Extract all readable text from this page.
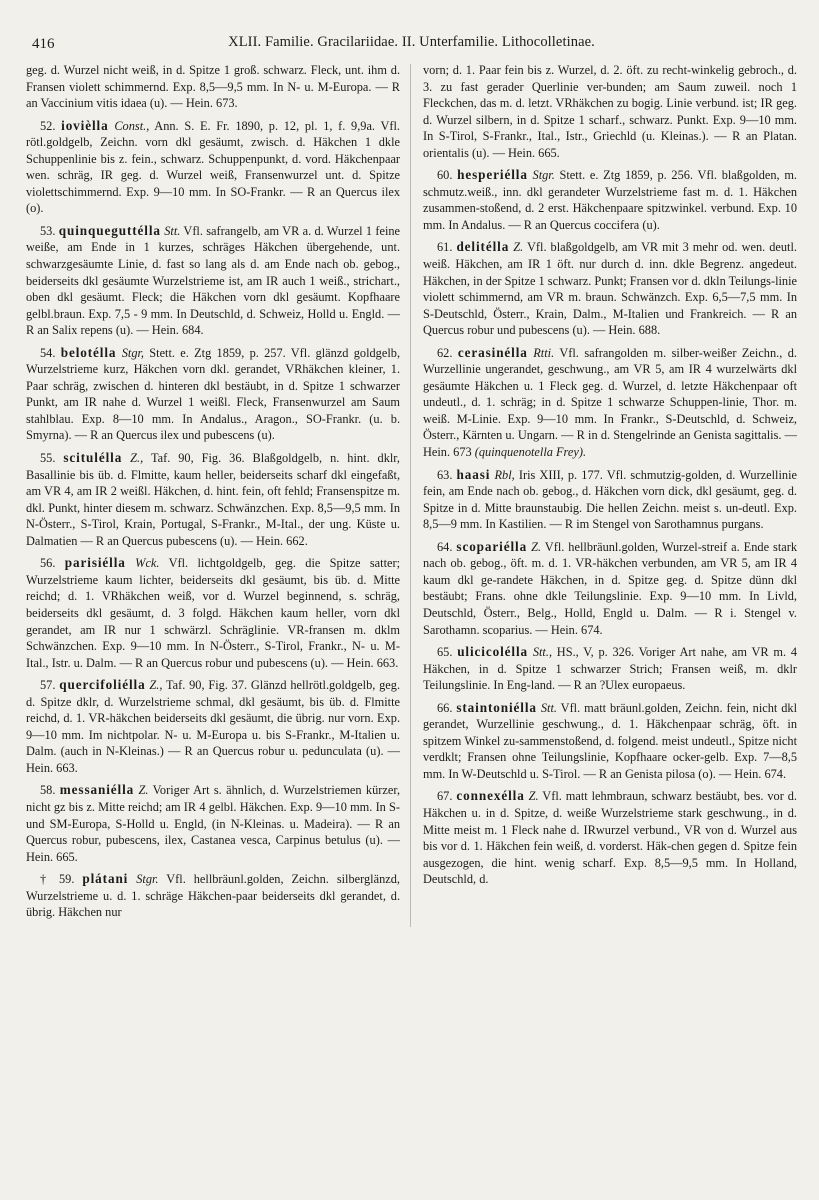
416	XLII. Familie. Gracilariidae. II. Unterfamilie. Lithocolletinae.

geg. d. Wurzel nicht weiß, in d. Spitze 1 groß. schwarz. Fleck, unt. ihm d. Fransen violett schimmernd. Exp. 8,5—9,5 mm. In N- u. M-Europa. — R an Vaccinium vitis idaea (u). — Hein. 673.

52. iovièlla Const., Ann. S. E. Fr. 1890, p. 12, pl. 1, f. 9,9a. Vfl. rötl.goldgelb, Zeichn. vorn dkl gesäumt, zwisch. d. Häkchen 1 dkle Schuppenlinie bis z. fein., schwarz. Schuppenpunkt, d. vord. Häkchenpaar wen. schräg, IR geg. d. Wurzel weiß, Fransenwurzel unt. d. Spitze violettschimmernd. Exp. 9—10 mm. In SO-Frankr. — R an Quercus ilex (o).

53. quinqueguttélla Stt. Vfl. safrangelb, am VR a. d. Wurzel 1 feine weiße, am Ende in 1 kurzes, schräges Häkchen übergehende, unt. schwarzgesäumte Linie, d. fast so lang als d. am Ende nach ob. gebog., beiderseits dkl gesäumte Wurzelstrieme ist, am IR auch 1 weiß., strichart., oben dkl gesäumt. Fleck; die Häkchen vorn dkl gesäumt. Kopfhaare gelbl.braun. Exp. 7,5 - 9 mm. In Deutschld, d. Schweiz, Holld u. Engld. — R an Salix repens (u). — Hein. 684.

54. belotélla Stgr, Stett. e. Ztg 1859, p. 257. Vfl. glänzd goldgelb, Wurzelstrieme kurz, Häkchen vorn dkl. gerandet, VRhäkchen kleiner, 1. Paar schräg, zwischen d. hinteren dkl bestäubt, in d. Spitze 1 schwarzer Punkt, am IR nahe d. Wurzel 1 weißl. Fleck, Fransenwurzel am Saum stahlblau. Exp. 8—10 mm. In Andalus., Aragon., SO-Frankr. (u. b. Smyrna). — R an Quercus ilex und pubescens (u).

55. scitulélla Z., Taf. 90, Fig. 36. Blaßgoldgelb, n. hint. dklr, Basallinie bis üb. d. Flmitte, kaum heller, beiderseits scharf dkl eingefaßt, am VR 4, am IR 2 weißl. Häkchen, d. hint. fein, oft fehld; Fransenspitze m. dkl. Punkt, hinter diesem m. schwarz. Schwänzchen. Exp. 8,5—9,5 mm. In N-Österr., S-Tirol, Krain, Portugal, S-Frankr., M-Ital., der ung. Küste u. Dalmatien — R an Quercus pubescens (u). — Hein. 662.

56. parisiélla Wck. Vfl. lichtgoldgelb, geg. die Spitze satter; Wurzelstrieme kaum lichter, beiderseits dkl gesäumt, bis üb. d. Mitte reichd; d. 1. VRhäkchen weiß, vor d. Wurzel beginnend, s. schräg, beiderseits dkl gesäumt, d. 3 folgd. Häkchen kaum heller, vorn dkl gerandet, am IR nur 1 schwärzl. Schräglinie. VR-fransen m. dklm Schwänzchen. Exp. 9—10 mm. In N-Österr., S-Tirol, Frankr., N- u. M-Ital., Istr. u. Dalm. — R an Quercus robur und pubescens (u). — Hein. 663.

57. quercifoliélla Z., Taf. 90, Fig. 37. Glänzd hellrötl.goldgelb, geg. d. Spitze dklr, d. Wurzelstrieme schmal, dkl gesäumt, bis üb. d. Flmitte reichd, d. 1. VR-häkchen beiderseits dkl gesäumt, die übrig. nur vorn. Exp. 9—10 mm. Im nichtpolar. N- u. M-Europa u. bis S-Frankr., M-Italien u. Dalm. (auch in N-Kleinas.) — R an Quercus robur u. pedunculata (u). — Hein. 663.

58. messaniélla Z. Voriger Art s. ähnlich, d. Wurzelstriemen kürzer, nicht gz bis z. Mitte reichd; am IR 4 gelbl. Häkchen. Exp. 9—10 mm. In S- und SM-Europa, S-Holld u. Engld, (in N-Kleinas. u. Madeira). — R an Quercus robur, pubescens, ilex, Castanea vesca, Carpinus betulus (u). — Hein. 665.

† 59. plátani Stgr. Vfl. hellbräunl.golden, Zeichn. silberglänzd, Wurzelstrieme u. d. 1. schräge Häkchen-paar beiderseits dkl gerandet, d. übrig. Häkchen nur

vorn; d. 1. Paar fein bis z. Wurzel, d. 2. öft. zu recht-winkelig gebroch., d. 3. zu fast gerader Querlinie ver-bunden; am Saum zuweil. noch 1 Fleckchen, das m. d. letzt. VRhäkchen zu bogig. Linie verbund. ist; IR geg. d. Wurzel silbern, in d. Spitze 1 scharf., schwarz. Punkt. Exp. 9—10 mm. In S-Tirol, S-Frankr., Ital., Istr., Griechld (u. Kleinas.). — R an Platan. orientalis (u). — Hein. 665.

60. hesperiélla Stgr. Stett. e. Ztg 1859, p. 256. Vfl. blaßgolden, m. schmutz.weiß., inn. dkl gerandeter Wurzelstrieme fast m. d. 1. Häkchen zusammen-stoßend, d. 2 erst. Häkchenpaare spitzwinkel. verbund. Exp. 10 mm. In Andalus. — R an Quercus coccifera (u).

61. delitélla Z. Vfl. blaßgoldgelb, am VR mit 3 mehr od. wen. deutl. weiß. Häkchen, am IR 1 öft. nur durch d. inn. dkle Begrenz. angedeut. Häkchen, in der Spitze 1 schwarz. Punkt; Fransen vor d. dkln Teilungs-linie violett schimmernd, am VR m. braun. Schwänzch. Exp. 6,5—7,5 mm. In S-Deutschld, Österr., Krain, Dalm., M-Italien und Frankreich. — R an Quercus robur und pubescens (u). — Hein. 688.

62. cerasinélla Rtti. Vfl. safrangolden m. silber-weißer Zeichn., d. Wurzellinie ungerandet, geschwung., am VR 5, am IR 4 wurzelwärts dkl gesäumte Häkchen u. 1 Fleck geg. d. Wurzel, d. letzte Häkchenpaar oft undeutl., d. 1. schräg; in d. Spitze 1 schwarze Schuppen-linie, Thor. m. weiß. M-Linie. Exp. 9—10 mm. In Frankr., S-Deutschld, d. Schweiz, Österr., Kärnten u. Ungarn. — R in d. Stengelrinde an Genista sagittalis. — Hein. 673 (quinquenotella Frey).

63. haasi Rbl, Iris XIII, p. 177. Vfl. schmutzig-golden, d. Wurzellinie fein, am Ende nach ob. gebog., d. Häkchen vorn dick, dkl gesäumt, geg. d. Spitze in d. Mitte braunstaubig. Die hellen Zeichn. meist s. un-deutl. Exp. 8,5—9 mm. In Kastilien. — R im Stengel von Sarothamnus purgans.

64. scopariélla Z. Vfl. hellbräunl.golden, Wurzel-streif a. Ende stark nach ob. gebog., öft. m. d. 1. VR-häkchen verbunden, am VR 5, am IR 4 kaum dkl ge-randete Häkchen, in d. Spitze geg. d. Spitze dünn dkl bestäubt; Frans. ohne dkle Teilungslinie. Exp. 9—10 mm. In Livld, Deutschld, Österr., Belg., Holld, Engld u. Dalm. — R i. Stengel v. Sarothamn. scoparius. — Hein. 674.

65. ulicicolélla Stt., HS., V, p. 326. Voriger Art nahe, am VR m. 4 Häkchen, in d. Spitze 1 schwarzer Strich; Fransen weiß, m. dklr Teilungslinie. In Eng-land. — R an ?Ulex europaeus.

66. staintoniélla Stt. Vfl. matt bräunl.golden, Zeichn. fein, nicht dkl gerandet, Wurzellinie geschwung., d. 1. Häkchenpaar schräg, öft. in spitzem Winkel zu-sammenstoßend, d. folgend. meist undeutl., Spitze nicht verdklt; Fransen ohne Teilungslinie, Kopfhaare ocker-gelb. Exp. 7—8,5 mm. In W-Deutschld u. S-Tirol. — R an Genista pilosa (o). — Hein. 674.

67. connexélla Z. Vfl. matt lehmbraun, schwarz bestäubt, bes. vor d. Häkchen u. in d. Spitze, d. weiße Wurzelstrieme stark geschwung., in d. Mitte meist m. 1 Fleck nahe d. IRwurzel verbund., VR von d. Wurzel aus bis vor d. 1. Häkchen fein weiß, d. vorderst. Häk-chen gegen d. Spitze fein ausgezogen, die hint. wenig scharf. Exp. 8,5—9,5 mm. In Holland, Deutschld, d.
